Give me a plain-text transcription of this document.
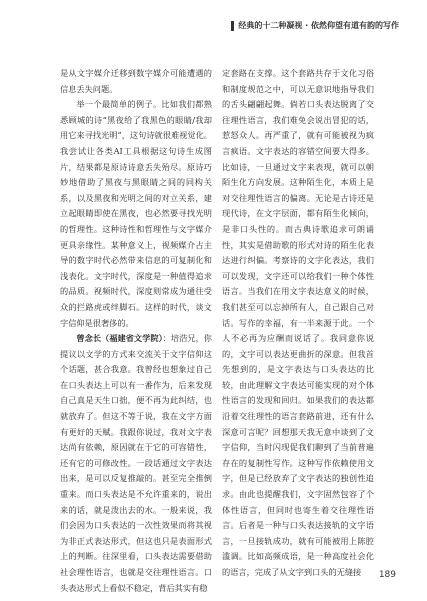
经典的十二种凝视 · 依然仰望有道有韵的写作

是从文字媒介迁移到数字媒介可能遭遇的信息丢失问题。

举一个最简单的例子。比如我们都熟悉顾城的诗“黑夜给了我黑色的眼睛/我却用它来寻找光明”，这句诗就很难视觉化。我尝试让各类AI工具根据这句诗生成图片，结果都是原诗诗意丢失殆尽。原诗巧妙地借助了黑夜与黑眼睛之间的同构关系，以及黑夜和光明之间的对立关系，建立起眼睛即使在黑夜，也必然要寻找光明的哲理性。这种诗性和哲理性与文字媒介更具亲缘性。某种意义上，视频媒介占主导的数字时代必然带来信息的可复制化和浅表化。文字时代，深度是一种值得追求的品质。视频时代，深度则常成为通往受众的拦路虎或绊脚石。这样的时代，谈文字信仰是很奢侈的。

曾念长（福建省文学院）：培浩兄，你提议以文学的方式来交流关于文字信仰这个话题，甚合我意。我曾经也想象过自己在口头表达上可以有一番作为，后来发现自己真是天生口拙，便不再为此纠结，也就放弃了。但这不等于说，我在文字方面有更好的天赋。我跟你说过，我对文字表达尚有依赖，原因就在于它的可容错性，还有它的可修改性。一段话通过文字表达出来，是可以反复推敲的。甚至完全推倒重来。而口头表达是不允许重来的，说出来的话，就是泼出去的水。一般来说，我们会因为口头表达的一次性效果而将其视为非正式表达形式，但这也只是表面形式上的判断。往深里看，口头表达需要借助社会理性语言，也就是交往理性语言。口头表达形式上看似不稳定，背后其实有稳

定套路在支撑。这个套路共存于文化习俗和制度规范之中，可以无意识地指导我们的舌头翩翩起舞。倘若口头表达脱离了交往理性语言，我们难免会说出冒犯的话，惹怒众人。再严重了，就有可能被视为疯言疯语。文字表达的容错空间要大得多。比如诗，一旦通过文字来表现，就可以朝陌生化方向发展。这种陌生化，本质上是对交往理性语言的偏离。无论是古诗还是现代诗，在文字层面，都有陌生化倾向，是非口头性的。而古典诗歌追求可朗诵性，其实是借助歌的形式对诗的陌生化表达进行纠偏。考察诗的文字化表达，我们可以发现，文字还可以给我们一种个体性语言。当我们在用文字表达意义的时候，我们甚至可以忘掉所有人，自己跟自己对话。写作的幸福，有一半来源于此。一个人不必再为应酬而说话了。我同意你说的，文字可以表达更曲折的深意。但我首先想到的，是文字表达与口头表达的比较，由此理解文字表达可能实现的对个体性语言的发现和回归。如果我们的表达都沿着交往理性的语言套路前进，还有什么深意可言呢？回想那天我无意中谈到了文字信仰，当时闪现促我们聊到了当前普遍存在的复制性写作。这种写作依赖使用文字，但是已经放弃了文字表达的独创性追求。由此也提醒我们，文字固然包容了个体性语言，但同时也寄生着交往理性语言。后者是一种与口头表达接轨的文字语言，一旦接轨成功，就有可能被用上陈腔滥调。比如高频成语，是一种高度社会化的语言，完成了从文字到口头的无缝接	189
